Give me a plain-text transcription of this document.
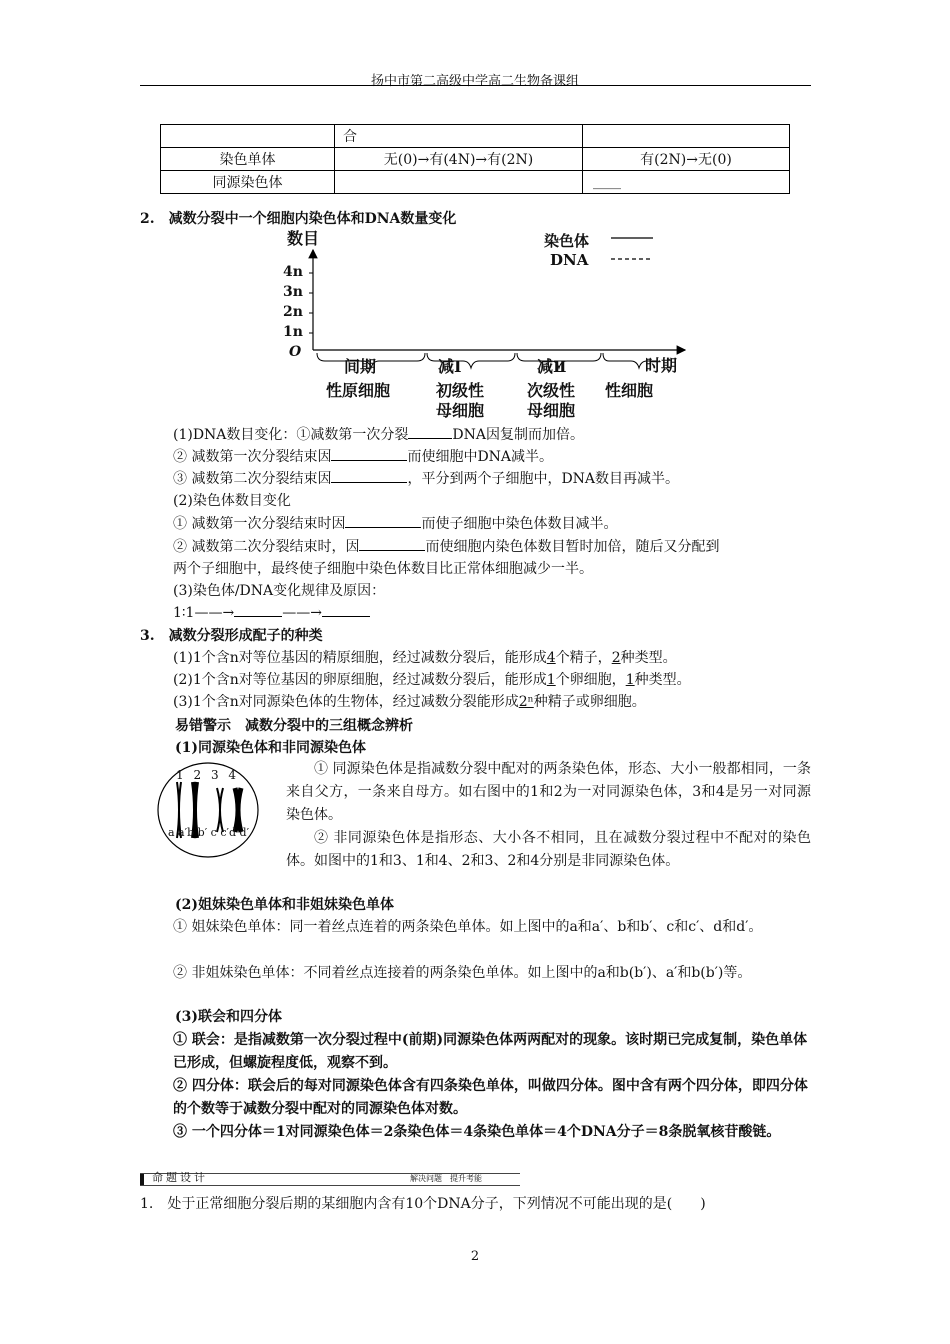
扬中市第二高级中学高二生物备课组
	合	
染色单体	无(0)→有(4N)→有(2N)	有(2N)→无(0)
同源染色体		____
2.　减数分裂中一个细胞内染色体和DNA数量变化
数目
4n
3n
2n
1n
O
时期
染色体
DNA
间期	减Ⅰ	减Ⅱ
性原细胞	初级性
母细胞
次级性
母细胞
性细胞
(1)DNA数目变化：①减数第一次分裂	DNA因复制而加倍。
② 减数第一次分裂结束因	而使细胞中DNA减半。
③ 减数第二次分裂结束因	，平分到两个子细胞中，DNA数目再减半。
(2)染色体数目变化
① 减数第一次分裂结束时因	而使子细胞中染色体数目减半。
② 减数第二次分裂结束时，因	而使细胞内染色体数目暂时加倍，随后又分配到
两个子细胞中，最终使子细胞中染色体数目比正常体细胞减少一半。
(3)染色体/DNA变化规律及原因：
1∶1——→	——→
3.　减数分裂形成配子的种类
(1)1个含n对等位基因的精原细胞，经过减数分裂后，能形成4个精子，2种类型。
(2)1个含n对等位基因的卵原细胞，经过减数分裂后，能形成1个卵细胞，1种类型。
(3)1个含n对同源染色体的生物体，经过减数分裂能形成2ⁿ种精子或卵细胞。
易错警示　减数分裂中的三组概念辨析
(1)同源染色体和非同源染色体
1 2 3 4
a a′b b′ c c′d d′
① 同源染色体是指减数分裂中配对的两条染色体，形态、大小一般都相同，一条来自父方，一条来自母方。如右图中的1和2为一对同源染色体，3和4是另一对同源染色体。
② 非同源染色体是指形态、大小各不相同，且在减数分裂过程中不配对的染色体。如图中的1和3、1和4、2和3、2和4分别是非同源染色体。
(2)姐妹染色单体和非姐妹染色单体
① 姐妹染色单体：同一着丝点连着的两条染色单体。如上图中的a和a′、b和b′、c和c′、d和d′。
② 非姐妹染色单体：不同着丝点连接着的两条染色单体。如上图中的a和b(b′)、a′和b(b′)等。
(3)联会和四分体
① 联会：是指减数第一次分裂过程中(前期)同源染色体两两配对的现象。该时期已完成复制，染色单体已形成，但螺旋程度低，观察不到。
② 四分体：联会后的每对同源染色体含有四条染色单体，叫做四分体。图中含有两个四分体，即四分体的个数等于减数分裂中配对的同源染色体对数。
③ 一个四分体＝1对同源染色体＝2条染色体＝4条染色单体＝4个DNA分子＝8条脱氧核苷酸链。
命题设计	解决问题　提升考能
1.　处于正常细胞分裂后期的某细胞内含有10个DNA分子，下列情况不可能出现的是(　　)
2
